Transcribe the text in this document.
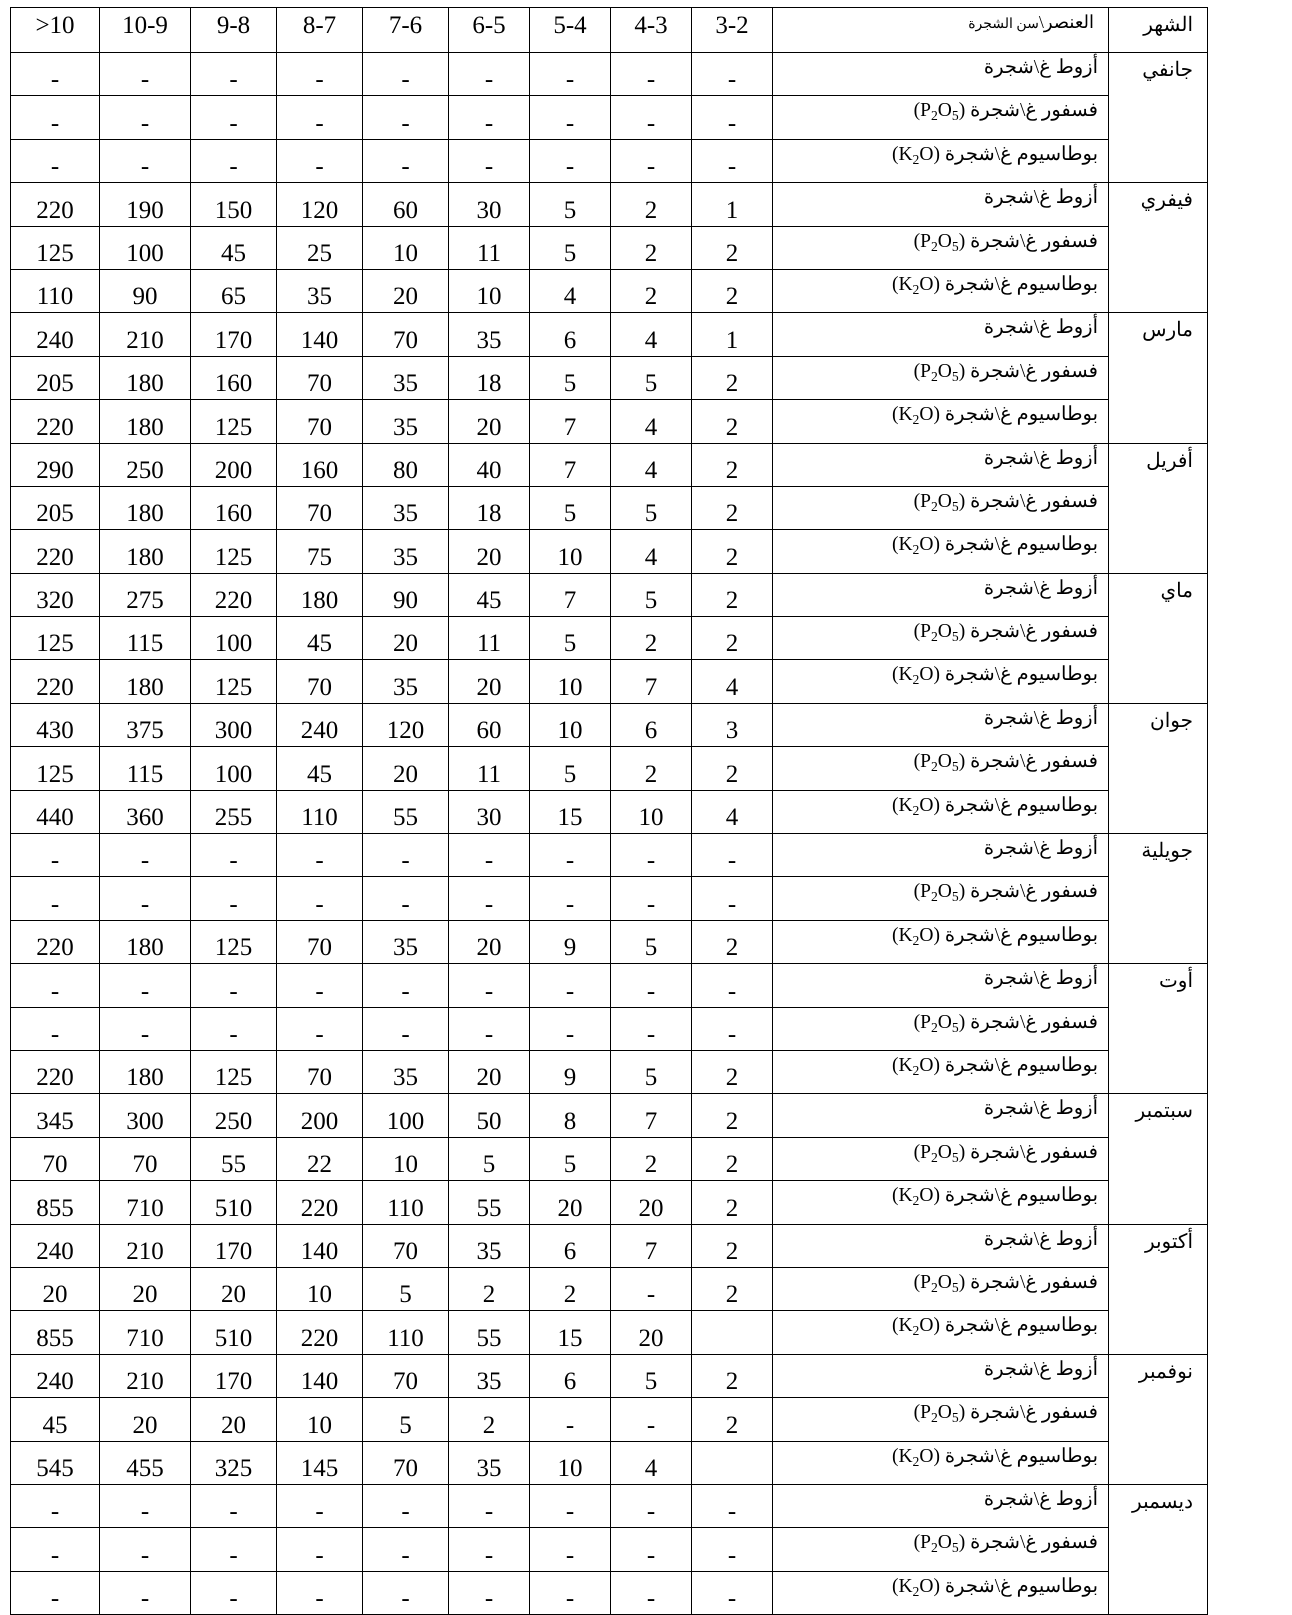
الشهر	العنصر\سن الشجرة	3-2	4-3	5-4	6-5	7-6	8-7	9-8	10-9	10<
جانفي	أزوط غ\شجرة	-	-	-	-	-	-	-	-	-
	فسفور غ\شجرة $(P_2O_5)$	-	-	-	-	-	-	-	-	-
	بوطاسيوم غ\شجرة $(K_2O)$	-	-	-	-	-	-	-	-	-
فيفري	أزوط غ\شجرة	1	2	5	30	60	120	150	190	220
	فسفور غ\شجرة $(P_2O_5)$	2	2	5	11	10	25	45	100	125
	بوطاسيوم غ\شجرة $(K_2O)$	2	2	4	10	20	35	65	90	110
مارس	أزوط غ\شجرة	1	4	6	35	70	140	170	210	240
	فسفور غ\شجرة $(P_2O_5)$	2	5	5	18	35	70	160	180	205
	بوطاسيوم غ\شجرة $(K_2O)$	2	4	7	20	35	70	125	180	220
أفريل	أزوط غ\شجرة	2	4	7	40	80	160	200	250	290
	فسفور غ\شجرة $(P_2O_5)$	2	5	5	18	35	70	160	180	205
	بوطاسيوم غ\شجرة $(K_2O)$	2	4	10	20	35	75	125	180	220
ماي	أزوط غ\شجرة	2	5	7	45	90	180	220	275	320
	فسفور غ\شجرة $(P_2O_5)$	2	2	5	11	20	45	100	115	125
	بوطاسيوم غ\شجرة $(K_2O)$	4	7	10	20	35	70	125	180	220
جوان	أزوط غ\شجرة	3	6	10	60	120	240	300	375	430
	فسفور غ\شجرة $(P_2O_5)$	2	2	5	11	20	45	100	115	125
	بوطاسيوم غ\شجرة $(K_2O)$	4	10	15	30	55	110	255	360	440
جويلية	أزوط غ\شجرة	-	-	-	-	-	-	-	-	-
	فسفور غ\شجرة $(P_2O_5)$	-	-	-	-	-	-	-	-	-
	بوطاسيوم غ\شجرة $(K_2O)$	2	5	9	20	35	70	125	180	220
أوت	أزوط غ\شجرة	-	-	-	-	-	-	-	-	-
	فسفور غ\شجرة $(P_2O_5)$	-	-	-	-	-	-	-	-	-
	بوطاسيوم غ\شجرة $(K_2O)$	2	5	9	20	35	70	125	180	220
سبتمبر	أزوط غ\شجرة	2	7	8	50	100	200	250	300	345
	فسفور غ\شجرة $(P_2O_5)$	2	2	5	5	10	22	55	70	70
	بوطاسيوم غ\شجرة $(K_2O)$	2	20	20	55	110	220	510	710	855
أكتوبر	أزوط غ\شجرة	2	7	6	35	70	140	170	210	240
	فسفور غ\شجرة $(P_2O_5)$	2	-	2	2	5	10	20	20	20
	بوطاسيوم غ\شجرة $(K_2O)$		20	15	55	110	220	510	710	855
نوفمبر	أزوط غ\شجرة	2	5	6	35	70	140	170	210	240
	فسفور غ\شجرة $(P_2O_5)$	2	-	-	2	5	10	20	20	45
	بوطاسيوم غ\شجرة $(K_2O)$		4	10	35	70	145	325	455	545
ديسمبر	أزوط غ\شجرة	-	-	-	-	-	-	-	-	-
	فسفور غ\شجرة $(P_2O_5)$	-	-	-	-	-	-	-	-	-
	بوطاسيوم غ\شجرة $(K_2O)$	-	-	-	-	-	-	-	-	-
